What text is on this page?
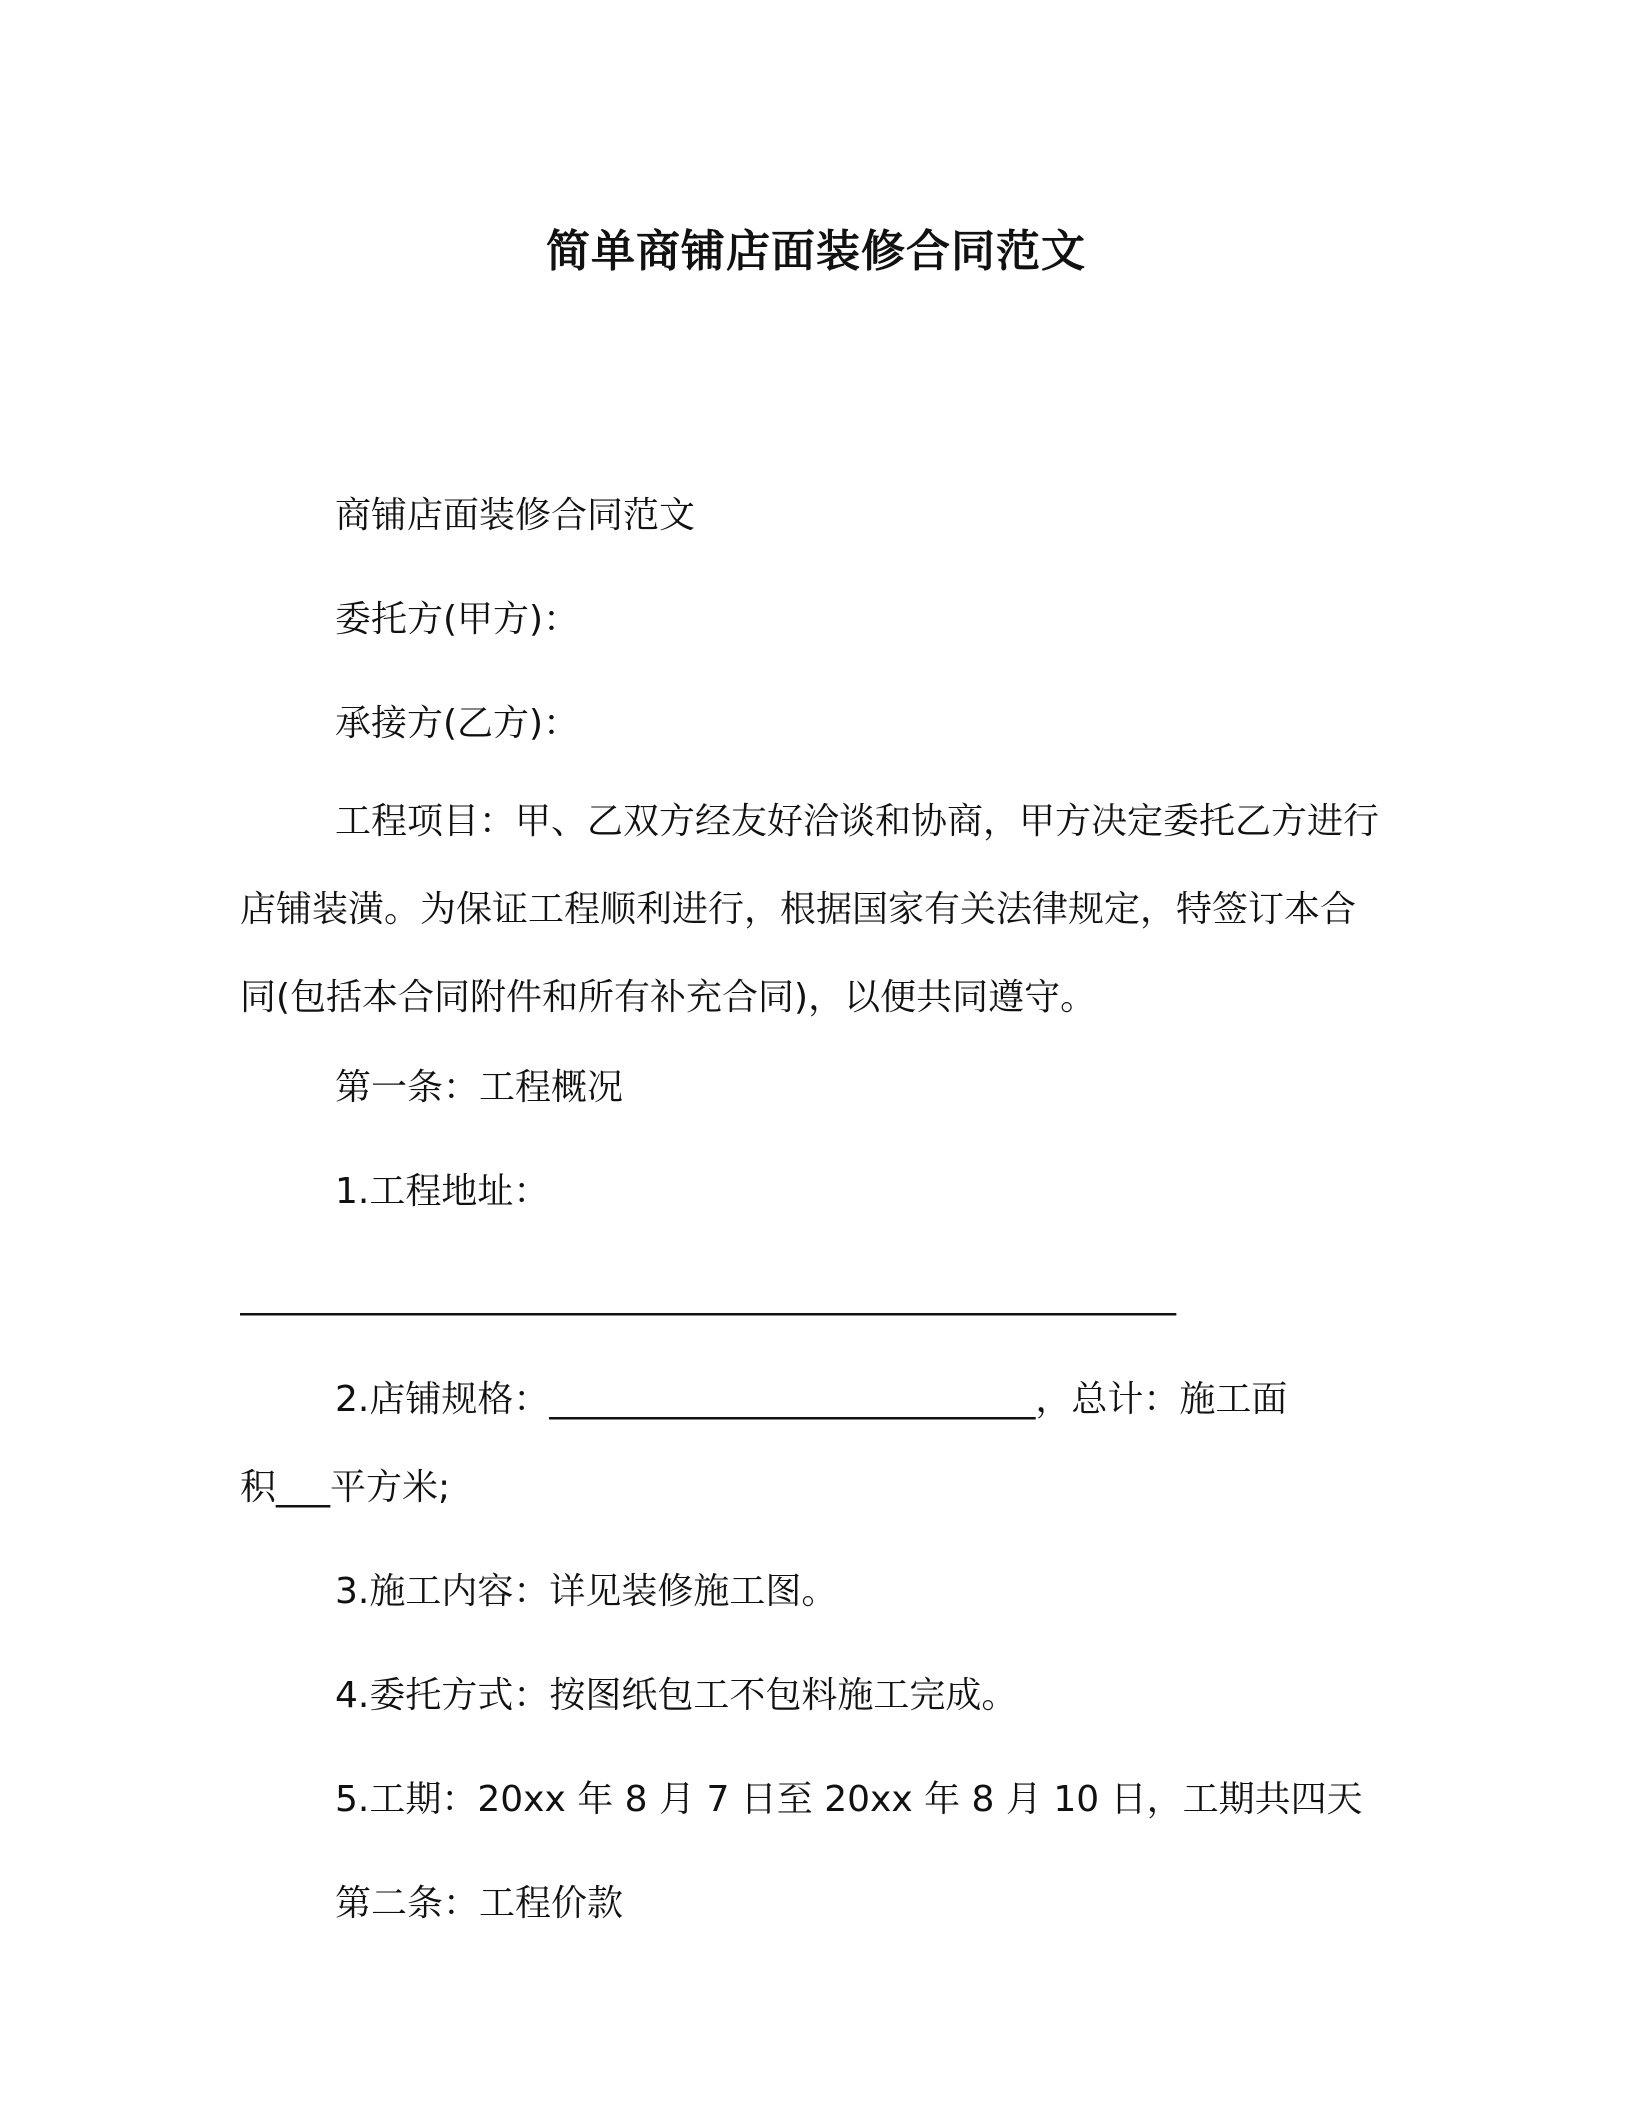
简单商铺店面装修合同范文

商铺店面装修合同范文

委托方(甲方)：

承接方(乙方)：

工程项目：甲、乙双方经友好洽谈和协商，甲方决定委托乙方进行店铺装潢。为保证工程顺利进行，根据国家有关法律规定，特签订本合同(包括本合同附件和所有补充合同)，以便共同遵守。

第一条：工程概况

1.工程地址：

____________________________________________________

2.店铺规格：___________________________，总计：施工面

积___平方米;

3.施工内容：详见装修施工图。

4.委托方式：按图纸包工不包料施工完成。

5.工期：20xx 年 8 月 7 日至 20xx 年 8 月 10 日，工期共四天

第二条：工程价款
